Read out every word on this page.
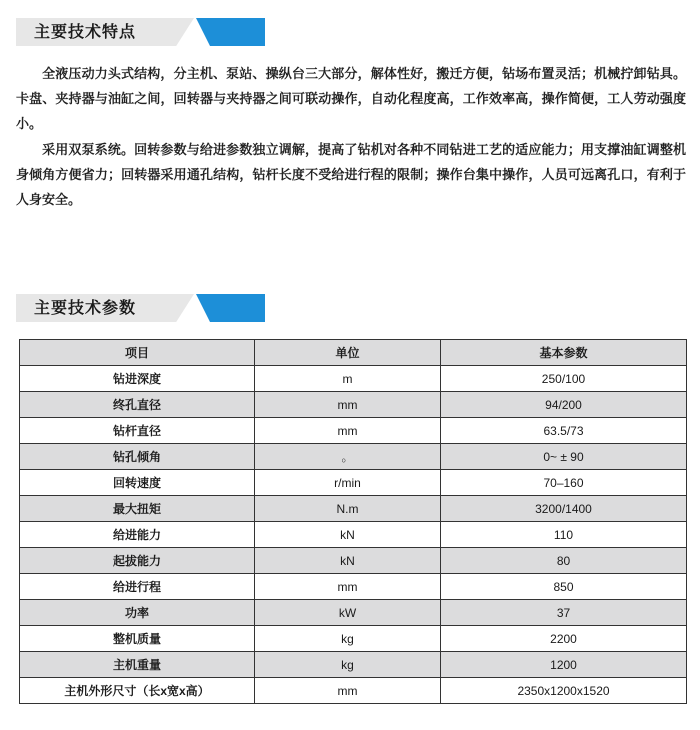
主要技术特点

全液压动力头式结构，分主机、泵站、操纵台三大部分，解体性好，搬迁方便，钻场布置灵活；机械拧卸钻具。卡盘、夹持器与油缸之间，回转器与夹持器之间可联动操作，自动化程度高，工作效率高，操作简便，工人劳动强度小。

采用双泵系统。回转参数与给进参数独立调解，提高了钻机对各种不同钻进工艺的适应能力；用支撑油缸调整机身倾角方便省力；回转器采用通孔结构，钻杆长度不受给进行程的限制；操作台集中操作，人员可远离孔口，有利于人身安全。

主要技术参数
项目	单位	基本参数
钻进深度	m	250/100
终孔直径	mm	94/200
钻杆直径	mm	63.5/73
钻孔倾角	。	0~ ± 90
回转速度	r/min	70–160
最大扭矩	N.m	3200/1400
给进能力	kN	110
起拔能力	kN	80
给进行程	mm	850
功率	kW	37
整机质量	kg	2200
主机重量	kg	1200
主机外形尺寸（长x宽x高）	mm	2350x1200x1520
